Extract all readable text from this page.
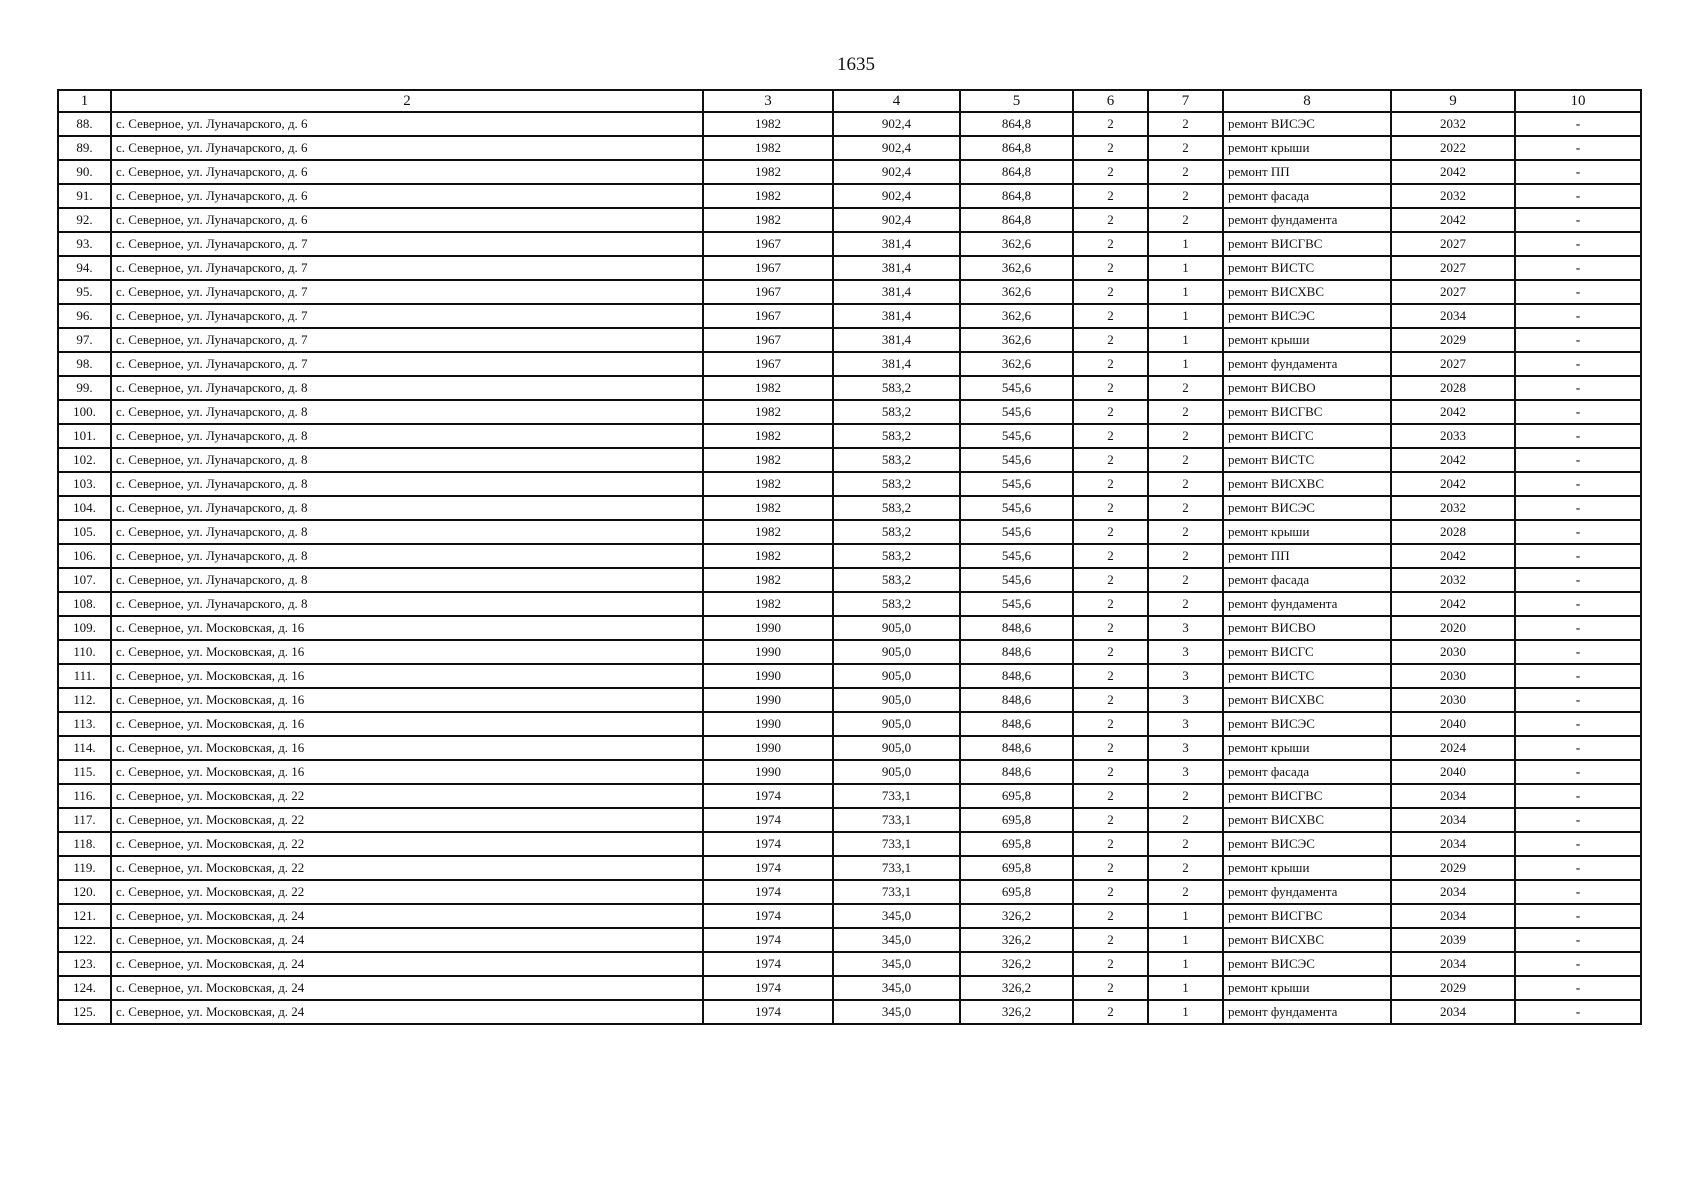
1635
1	2	3	4	5	6	7	8	9	10
88.	с. Северное, ул. Луначарского, д. 6	1982	902,4	864,8	2	2	ремонт ВИСЭС	2032	-
89.	с. Северное, ул. Луначарского, д. 6	1982	902,4	864,8	2	2	ремонт крыши	2022	-
90.	с. Северное, ул. Луначарского, д. 6	1982	902,4	864,8	2	2	ремонт ПП	2042	-
91.	с. Северное, ул. Луначарского, д. 6	1982	902,4	864,8	2	2	ремонт фасада	2032	-
92.	с. Северное, ул. Луначарского, д. 6	1982	902,4	864,8	2	2	ремонт фундамента	2042	-
93.	с. Северное, ул. Луначарского, д. 7	1967	381,4	362,6	2	1	ремонт ВИСГВС	2027	-
94.	с. Северное, ул. Луначарского, д. 7	1967	381,4	362,6	2	1	ремонт ВИСТС	2027	-
95.	с. Северное, ул. Луначарского, д. 7	1967	381,4	362,6	2	1	ремонт ВИСХВС	2027	-
96.	с. Северное, ул. Луначарского, д. 7	1967	381,4	362,6	2	1	ремонт ВИСЭС	2034	-
97.	с. Северное, ул. Луначарского, д. 7	1967	381,4	362,6	2	1	ремонт крыши	2029	-
98.	с. Северное, ул. Луначарского, д. 7	1967	381,4	362,6	2	1	ремонт фундамента	2027	-
99.	с. Северное, ул. Луначарского, д. 8	1982	583,2	545,6	2	2	ремонт ВИСВО	2028	-
100.	с. Северное, ул. Луначарского, д. 8	1982	583,2	545,6	2	2	ремонт ВИСГВС	2042	-
101.	с. Северное, ул. Луначарского, д. 8	1982	583,2	545,6	2	2	ремонт ВИСГС	2033	-
102.	с. Северное, ул. Луначарского, д. 8	1982	583,2	545,6	2	2	ремонт ВИСТС	2042	-
103.	с. Северное, ул. Луначарского, д. 8	1982	583,2	545,6	2	2	ремонт ВИСХВС	2042	-
104.	с. Северное, ул. Луначарского, д. 8	1982	583,2	545,6	2	2	ремонт ВИСЭС	2032	-
105.	с. Северное, ул. Луначарского, д. 8	1982	583,2	545,6	2	2	ремонт крыши	2028	-
106.	с. Северное, ул. Луначарского, д. 8	1982	583,2	545,6	2	2	ремонт ПП	2042	-
107.	с. Северное, ул. Луначарского, д. 8	1982	583,2	545,6	2	2	ремонт фасада	2032	-
108.	с. Северное, ул. Луначарского, д. 8	1982	583,2	545,6	2	2	ремонт фундамента	2042	-
109.	с. Северное, ул. Московская, д. 16	1990	905,0	848,6	2	3	ремонт ВИСВО	2020	-
110.	с. Северное, ул. Московская, д. 16	1990	905,0	848,6	2	3	ремонт ВИСГС	2030	-
111.	с. Северное, ул. Московская, д. 16	1990	905,0	848,6	2	3	ремонт ВИСТС	2030	-
112.	с. Северное, ул. Московская, д. 16	1990	905,0	848,6	2	3	ремонт ВИСХВС	2030	-
113.	с. Северное, ул. Московская, д. 16	1990	905,0	848,6	2	3	ремонт ВИСЭС	2040	-
114.	с. Северное, ул. Московская, д. 16	1990	905,0	848,6	2	3	ремонт крыши	2024	-
115.	с. Северное, ул. Московская, д. 16	1990	905,0	848,6	2	3	ремонт фасада	2040	-
116.	с. Северное, ул. Московская, д. 22	1974	733,1	695,8	2	2	ремонт ВИСГВС	2034	-
117.	с. Северное, ул. Московская, д. 22	1974	733,1	695,8	2	2	ремонт ВИСХВС	2034	-
118.	с. Северное, ул. Московская, д. 22	1974	733,1	695,8	2	2	ремонт ВИСЭС	2034	-
119.	с. Северное, ул. Московская, д. 22	1974	733,1	695,8	2	2	ремонт крыши	2029	-
120.	с. Северное, ул. Московская, д. 22	1974	733,1	695,8	2	2	ремонт фундамента	2034	-
121.	с. Северное, ул. Московская, д. 24	1974	345,0	326,2	2	1	ремонт ВИСГВС	2034	-
122.	с. Северное, ул. Московская, д. 24	1974	345,0	326,2	2	1	ремонт ВИСХВС	2039	-
123.	с. Северное, ул. Московская, д. 24	1974	345,0	326,2	2	1	ремонт ВИСЭС	2034	-
124.	с. Северное, ул. Московская, д. 24	1974	345,0	326,2	2	1	ремонт крыши	2029	-
125.	с. Северное, ул. Московская, д. 24	1974	345,0	326,2	2	1	ремонт фундамента	2034	-
